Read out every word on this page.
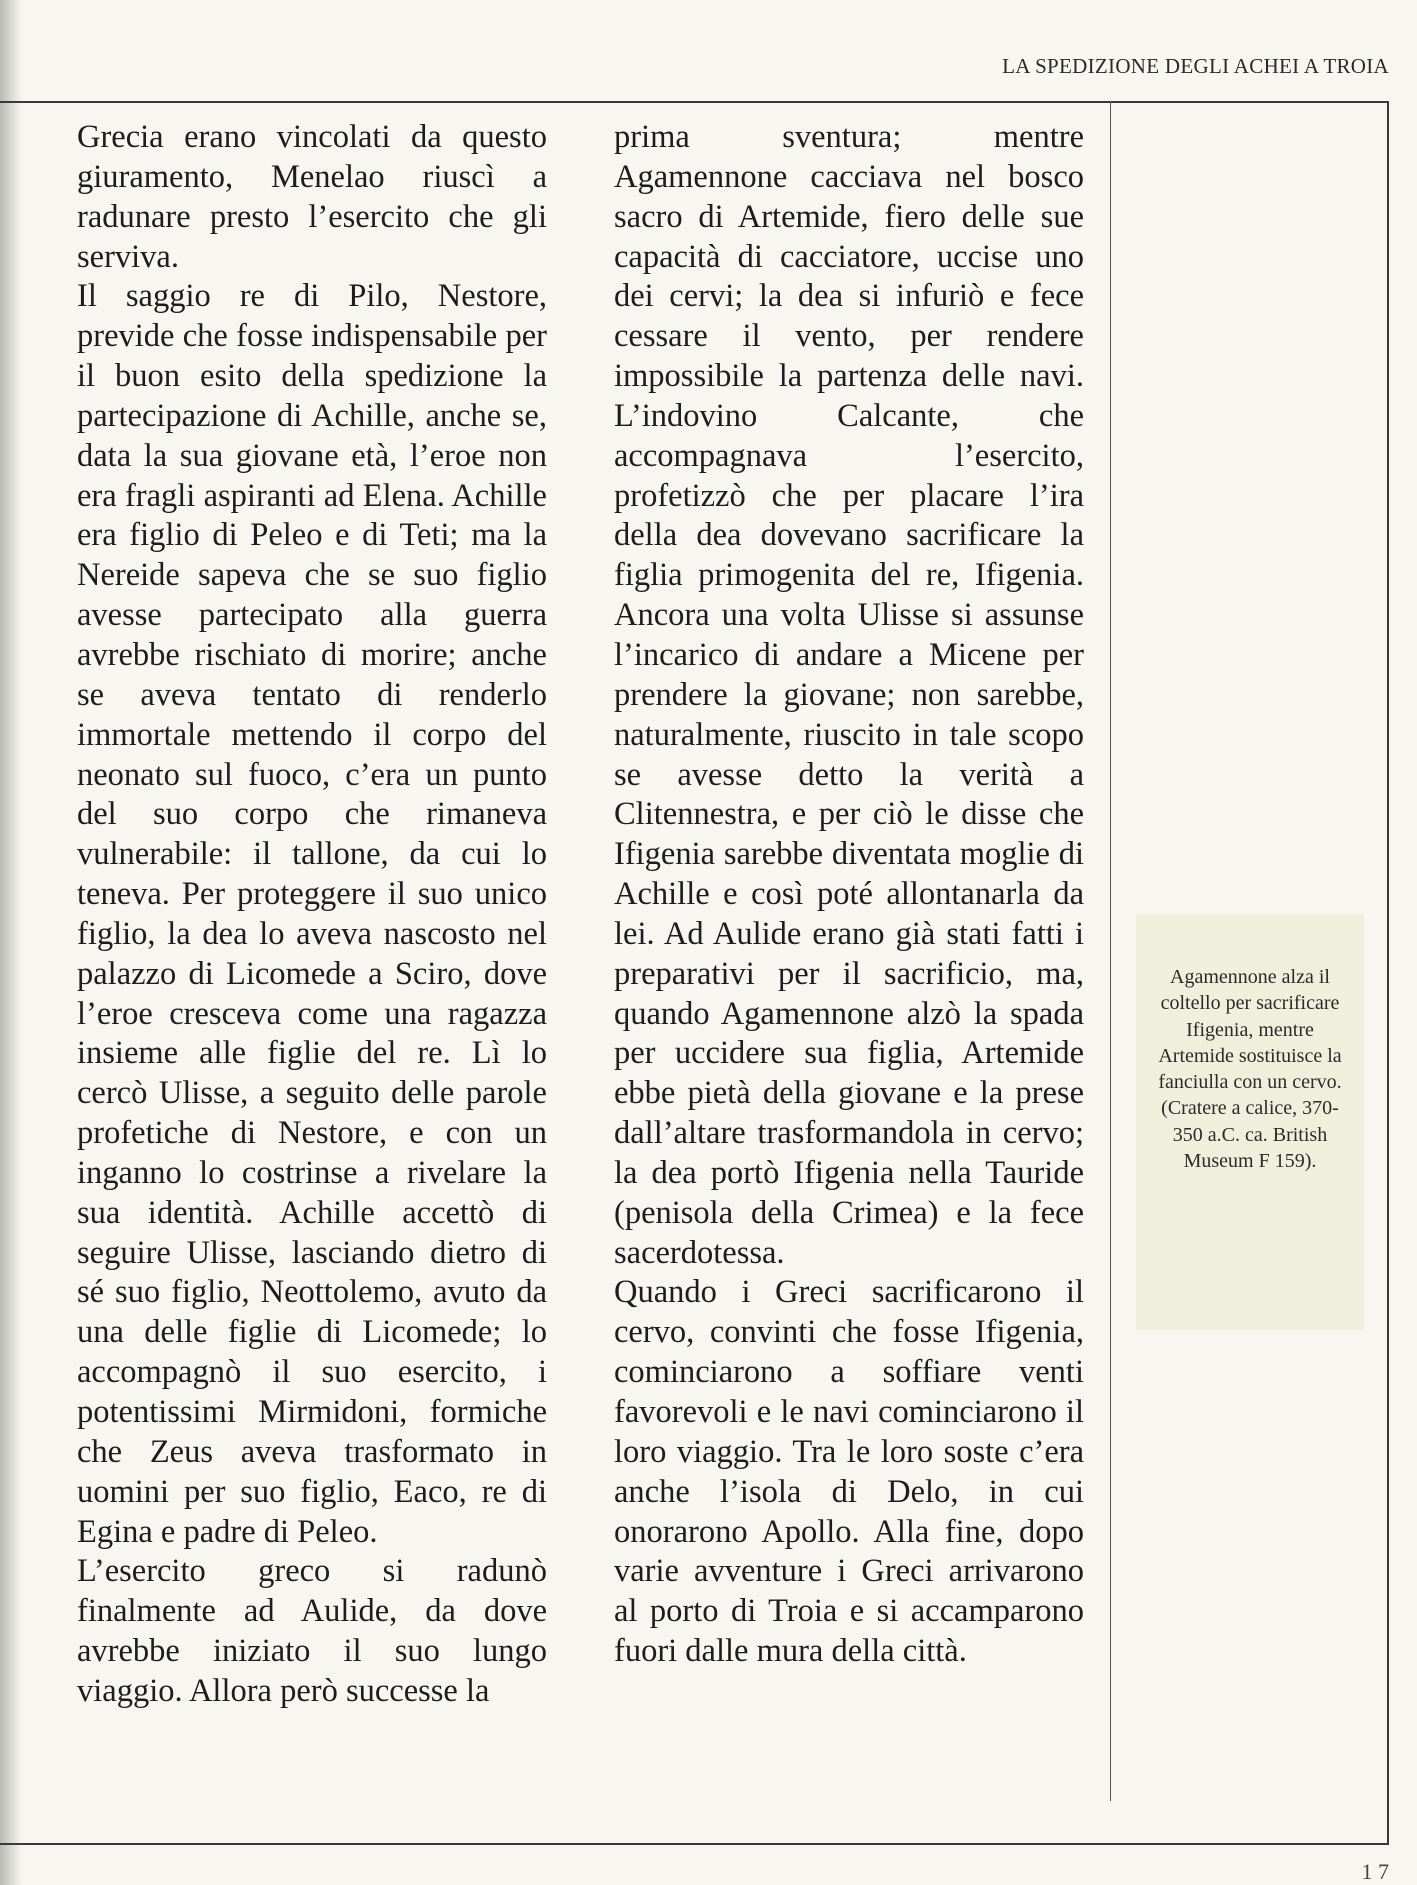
LA SPEDIZIONE DEGLI ACHEI A TROIA

Grecia erano vincolati da questo giuramento, Menelao riuscì a radunare presto l’esercito che gli serviva.

Il saggio re di Pilo, Nestore, previde che fosse indispensabile per il buon esito della spedizione la partecipazione di Achille, anche se, data la sua giovane età, l’eroe non era fragli aspiranti ad Elena. Achille era figlio di Peleo e di Teti; ma la Nereide sapeva che se suo figlio avesse partecipato alla guerra avrebbe rischiato di morire; anche se aveva tentato di renderlo immortale mettendo il corpo del neonato sul fuoco, c’era un punto del suo corpo che rimaneva vulnerabile: il tallone, da cui lo teneva. Per proteggere il suo unico figlio, la dea lo aveva nascosto nel palazzo di Licomede a Sciro, dove l’eroe cresceva come una ragazza insieme alle figlie del re. Lì lo cercò Ulisse, a seguito delle parole profetiche di Nestore, e con un inganno lo costrinse a rivelare la sua identità. Achille accettò di seguire Ulisse, lasciando dietro di sé suo figlio, Neottolemo, avuto da una delle figlie di Licomede; lo accompagnò il suo esercito, i potentissimi Mirmidoni, formiche che Zeus aveva trasformato in uomini per suo figlio, Eaco, re di Egina e padre di Peleo.

L’esercito greco si radunò finalmente ad Aulide, da dove avrebbe iniziato il suo lungo viaggio. Allora però successe la

prima sventura; mentre Agamennone cacciava nel bosco sacro di Artemide, fiero delle sue capacità di cacciatore, uccise uno dei cervi; la dea si infuriò e fece cessare il vento, per rendere impossibile la partenza delle navi. L’indovino Calcante, che accompagnava l’esercito, profetizzò che per placare l’ira della dea dovevano sacrificare la figlia primogenita del re, Ifigenia. Ancora una volta Ulisse si assunse l’incarico di andare a Micene per prendere la giovane; non sarebbe, naturalmente, riuscito in tale scopo se avesse detto la verità a Clitennestra, e per ciò le disse che Ifigenia sarebbe diventata moglie di Achille e così poté allontanarla da lei. Ad Aulide erano già stati fatti i preparativi per il sacrificio, ma, quando Agamennone alzò la spada per uccidere sua figlia, Artemide ebbe pietà della giovane e la prese dall’altare trasformandola in cervo; la dea portò Ifigenia nella Tauride (penisola della Crimea) e la fece sacerdotessa.

Quando i Greci sacrificarono il cervo, convinti che fosse Ifigenia, cominciarono a soffiare venti favorevoli e le navi cominciarono il loro viaggio. Tra le loro soste c’era anche l’isola di Delo, in cui onorarono Apollo. Alla fine, dopo varie avventure i Greci arrivarono al porto di Troia e si accamparono fuori dalle mura della città.

Agamennone alza il coltello per sacrificare Ifigenia, mentre Artemide sostituisce la fanciulla con un cervo. (Cratere a calice, 370-350 a.C. ca. British Museum F 159).
1 7
